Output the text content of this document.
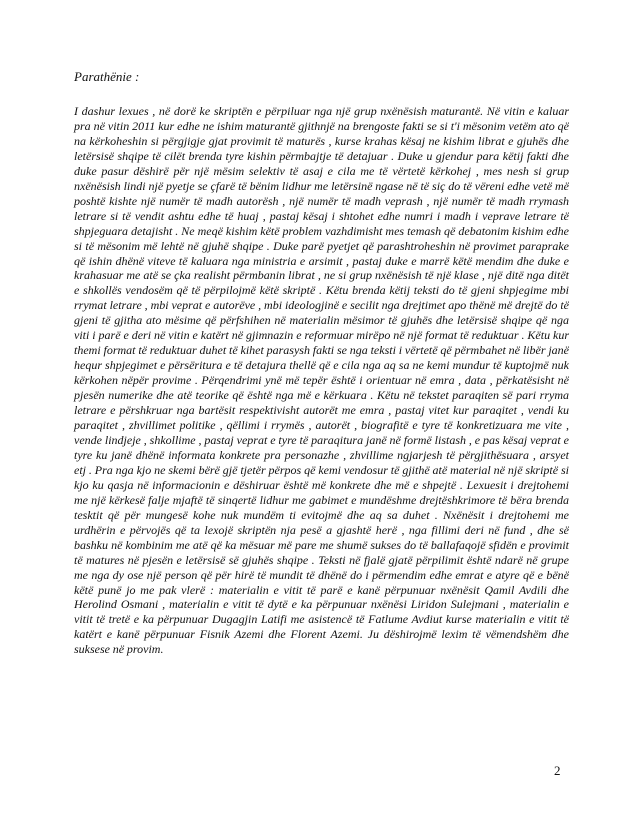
Parathënie :

I dashur lexues , në dorë ke skriptën e përpiluar nga një grup nxënësish maturantë. Në vitin e kaluar pra në vitin 2011 kur edhe ne ishim maturantë gjithnjë na brengoste fakti se si t'i mësonim vetëm ato që na kërkoheshin si përgjigje gjat provimit të maturës , kurse krahas kësaj ne kishim librat e gjuhës dhe letërsisë shqipe të cilët brenda tyre kishin përmbajtje të detajuar . Duke u gjendur para këtij fakti dhe duke pasur dëshirë për një mësim selektiv të asaj e cila me të vërtetë kërkohej , mes nesh si grup nxënësish lindi një pyetje se çfarë të bënim lidhur me letërsinë ngase në të siç do të vëreni edhe vetë më poshtë kishte një numër të madh autorësh , një numër të madh veprash , një numër të madh rrymash letrare si të vendit ashtu edhe të huaj , pastaj kësaj i shtohet edhe numri i madh i vepravе letrare të shpjeguara detajisht . Ne meqë kishim këtë problem vazhdimisht mes temash që debatonim kishim edhe si të mësonim më lehtë në gjuhë shqipe . Duke parë pyetjet që parashtroheshin në provimet paraprake që ishin dhënë viteve të kaluara nga ministria e arsimit , pastaj duke e marrë këtë mendim dhe duke e krahasuar me atë se çka realisht përmbanin librat , ne si grup nxënësish të një klase , një ditë nga ditët e shkollës vendosëm që të përpilojmë këtë skriptë . Këtu brenda këtij teksti do të gjeni shpjegime mbi rrymat letrare , mbi veprat e autorëve , mbi ideologjinë e secilit nga drejtimet apo thënë më drejtë do të gjeni të gjitha ato mësime që përfshihen në materialin mësimor të gjuhës dhe letërsisë shqipe që nga viti i parë e deri në vitin e katërt në gjimnazin e reformuar mirëpo në një format të reduktuar . Këtu kur themi format të reduktuar duhet të kihet parasysh fakti se nga teksti i vërtetë që përmbahet në libër janë hequr shpjegimet e përsëritura e të detajura thellë që e cila nga aq sa ne kemi mundur të kuptojmë nuk kërkohen nëpër provime . Përqendrimi ynë më tepër është i orientuar në emra , data , përkatësisht në pjesën numerike dhe atë teorike që është nga më e kërkuara . Këtu në tekstet paraqiten së pari rryma letrare e përshkruar nga bartësit respektivisht autorët me emra , pastaj vitet kur paraqitet , vendi ku paraqitet , zhvillimet politike , qëllimi i rrymës , autorët , biografitë e tyre të konkretizuara me vite , vende lindjeje , shkollime , pastaj veprat e tyre të paraqitura janë në formë listash , e pas kësaj veprat e tyre ku janë dhënë informata konkrete pra personazhe , zhvillime ngjarjesh të përgjithësuara , arsyet etj . Pra nga kjo ne skemi bërë gjë tjetër përpos që kemi vendosur të gjithë atë material në një skriptë si kjo ku qasja në informacionin e dëshiruar është më konkrete dhe më e shpejtë . Lexuesit i drejtohemi me një kërkesë falje mjaftë të sinqertë lidhur me gabimet e mundëshme drejtëshkrimore të bëra brenda tesktit që për mungesë kohe nuk mundëm ti evitojmë dhe aq sa duhet . Nxënësit i drejtohemi me urdhërin e përvojës që ta lexojë skriptën nja pesë a gjashtë herë , nga fillimi deri në fund , dhe së bashku në kombinim me atë që ka mësuar më pare me shumë sukses do të ballafaqojë sfidën e provimit të matures në pjesën e letërsisë së gjuhës shqipe . Teksti në fjalë gjatë përpilimit është ndarë në grupe me nga dy ose një person që për hirë të mundit të dhënë do i përmendim edhe emrat e atyre që e bënë këtë punë jo me pak vlerë : materialin e vitit të parë e kanë përpunuar nxënësit Qamil Avdili dhe Herolind Osmani , materialin e vitit të dytë e ka përpunuar nxënësi Liridon Sulejmani , materialin e vitit të tretë e ka përpunuar Dugagjin Latifi me asistencë të Fatlume Avdiut kurse materialin e vitit të katërt e kanë përpunuar Fisnik Azemi dhe Florent Azemi. Ju dëshirojmë lexim të vëmendshëm dhe suksese në provim.

2
